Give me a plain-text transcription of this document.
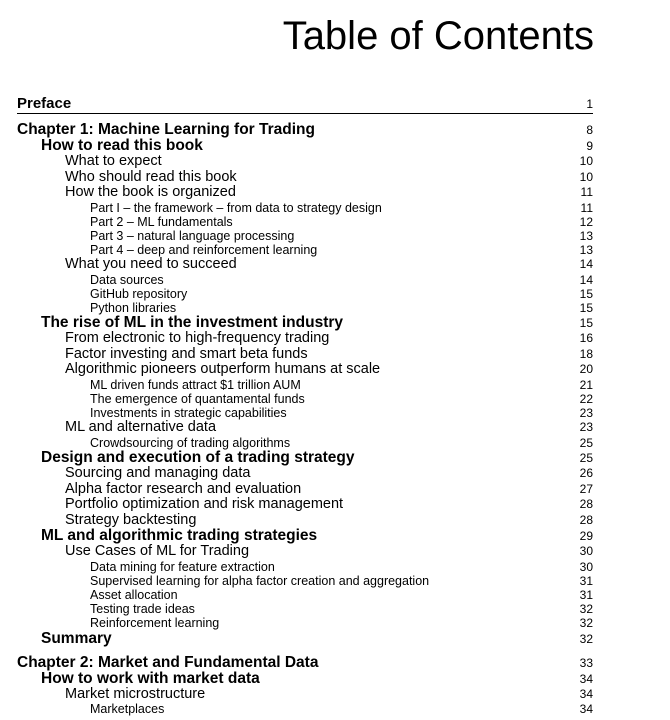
Table of Contents
Preface	1
Chapter 1: Machine Learning for Trading	8
How to read this book	9
What to expect	10
Who should read this book	10
How the book is organized	11
Part I – the framework – from data to strategy design	11
Part 2 – ML fundamentals	12
Part 3 – natural language processing	13
Part 4 – deep and reinforcement learning	13
What you need to succeed	14
Data sources	14
GitHub repository	15
Python libraries	15
The rise of ML in the investment industry	15
From electronic to high-frequency trading	16
Factor investing and smart beta funds	18
Algorithmic pioneers outperform humans at scale	20
ML driven funds attract $1 trillion AUM	21
The emergence of quantamental funds	22
Investments in strategic capabilities	23
ML and alternative data	23
Crowdsourcing of trading algorithms	25
Design and execution of a trading strategy	25
Sourcing and managing data	26
Alpha factor research and evaluation	27
Portfolio optimization and risk management	28
Strategy backtesting	28
ML and algorithmic trading strategies	29
Use Cases of ML for Trading	30
Data mining for feature extraction	30
Supervised learning for alpha factor creation and aggregation	31
Asset allocation	31
Testing trade ideas	32
Reinforcement learning	32
Summary	32
Chapter 2: Market and Fundamental Data	33
How to work with market data	34
Market microstructure	34
Marketplaces	34
